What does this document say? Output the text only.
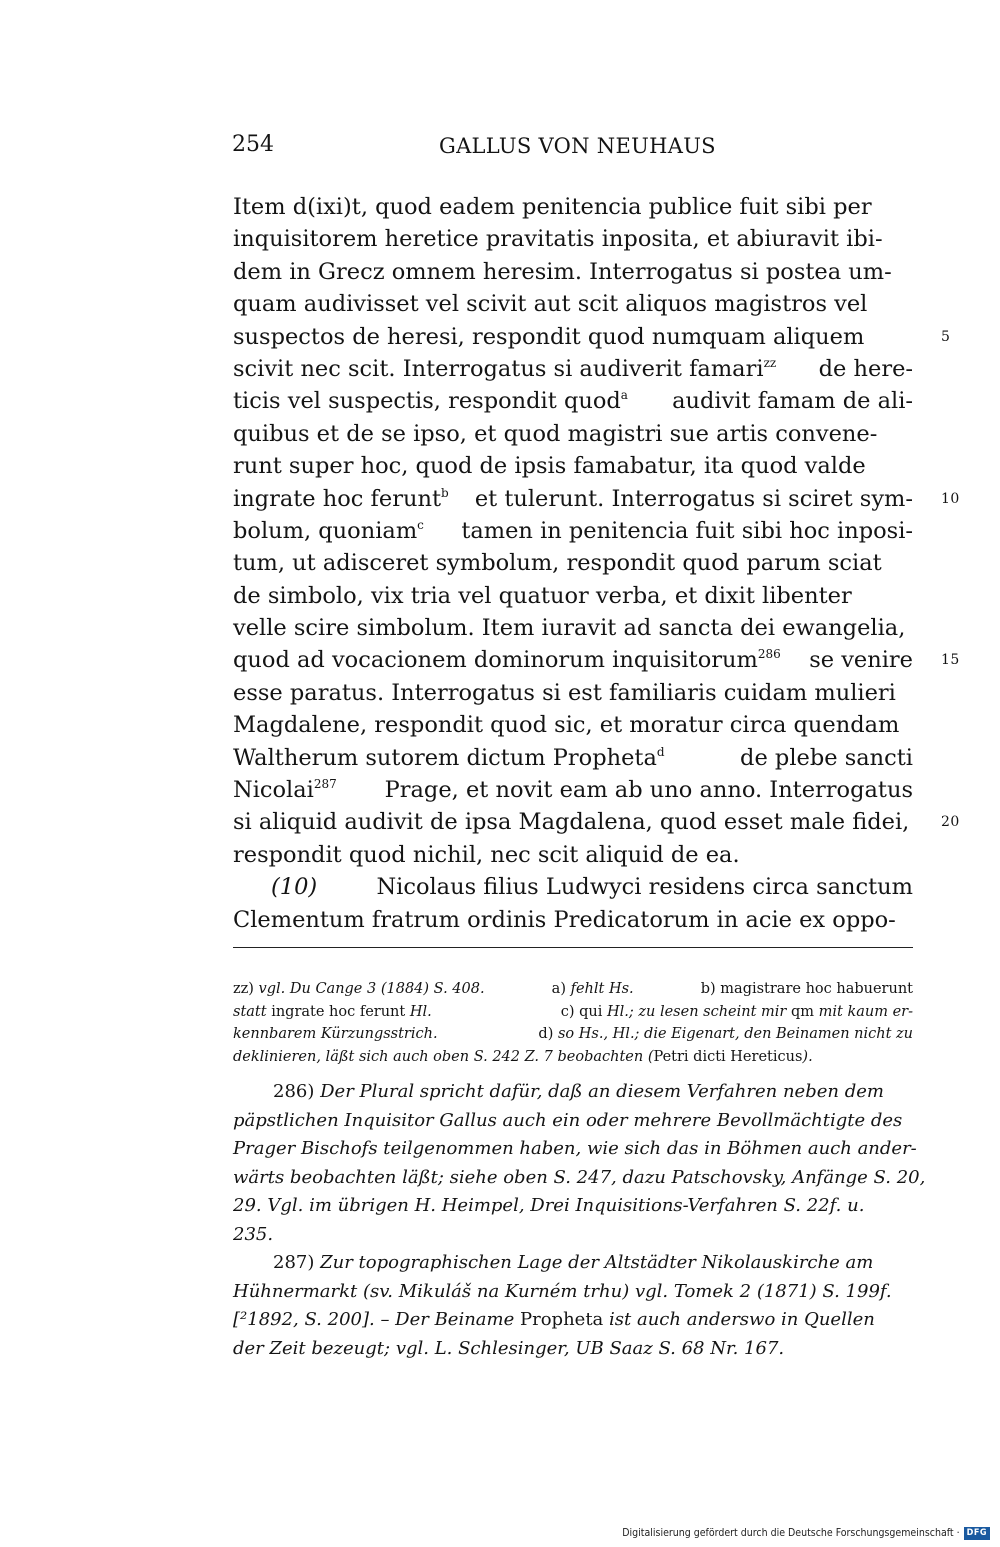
254	GALLUS VON NEUHAUS
Item d(ixi)t, quod eadem penitencia publice fuit sibi per
inquisitorem heretice pravitatis inposita, et abiuravit ibi-
dem in Grecz omnem heresim. Interrogatus si postea um-
quam audivisset vel scivit aut scit aliquos magistros vel
suspectos de heresi, respondit quod numquam aliquem	5
scivit nec scit. Interrogatus si audiverit famari$^{zz}$ de here-
ticis vel suspectis, respondit quod$^a$ audivit famam de ali-
quibus et de se ipso, et quod magistri sue artis convene-
runt super hoc, quod de ipsis famabatur, ita quod valde
ingrate hoc ferunt$^b$ et tulerunt. Interrogatus si sciret sym- 10
bolum, quoniam$^c$ tamen in penitencia fuit sibi hoc inposi-
tum, ut adisceret symbolum, respondit quod parum sciat
de simbolo, vix tria vel quatuor verba, et dixit libenter
velle scire simbolum. Item iuravit ad sancta dei ewangelia,
quod ad vocacionem dominorum inquisitorum$^{286}$ se venire 15
esse paratus. Interrogatus si est familiaris cuidam mulieri
Magdalene, respondit quod sic, et moratur circa quendam
Waltherum sutorem dictum Propheta$^d$	de plebe sancti
Nicolai$^{287}$ Prage, et novit eam ab uno anno. Interrogatus
si aliquid audivit de ipsa Magdalena, quod esset male fidei, 20
respondit quod nichil, nec scit aliquid de ea.
(10)	Nicolaus filius Ludwyci residens circa sanctum
Clementum fratrum ordinis Predicatorum in acie ex oppo-
zz) vgl. Du Cange 3 (1884) S. 408.	a) fehlt Hs.	b) magistrare hoc habuerunt
statt ingrate hoc ferunt Hl.	c) qui Hl.; zu lesen scheint mir qm mit kaum er-
kennbarem Kürzungsstrich.	d) so Hs., Hl.; die Eigenart, den Beinamen nicht zu
deklinieren, läßt sich auch oben S. 242 Z. 7 beobachten (Petri dicti Hereticus).
286) Der Plural spricht dafür, daß an diesem Verfahren neben dem
päpstlichen Inquisitor Gallus auch ein oder mehrere Bevollmächtigte des
Prager Bischofs teilgenommen haben, wie sich das in Böhmen auch ander-
wärts beobachten läßt; siehe oben S. 247, dazu Patschovsky, Anfänge S. 20,
29. Vgl. im übrigen H. Heimpel, Drei Inquisitions-Verfahren S. 22f. u.
235.
287) Zur topographischen Lage der Altstädter Nikolauskirche am
Hühnermarkt (sv. Mikuláš na Kurném trhu) vgl. Tomek 2 (1871) S. 199f.
[²1892, S. 200]. – Der Beiname Propheta ist auch anderswo in Quellen
der Zeit bezeugt; vgl. L. Schlesinger, UB Saaz S. 68 Nr. 167.
Digitalisierung gefördert durch die Deutsche Forschungsgemeinschaft · DFG
